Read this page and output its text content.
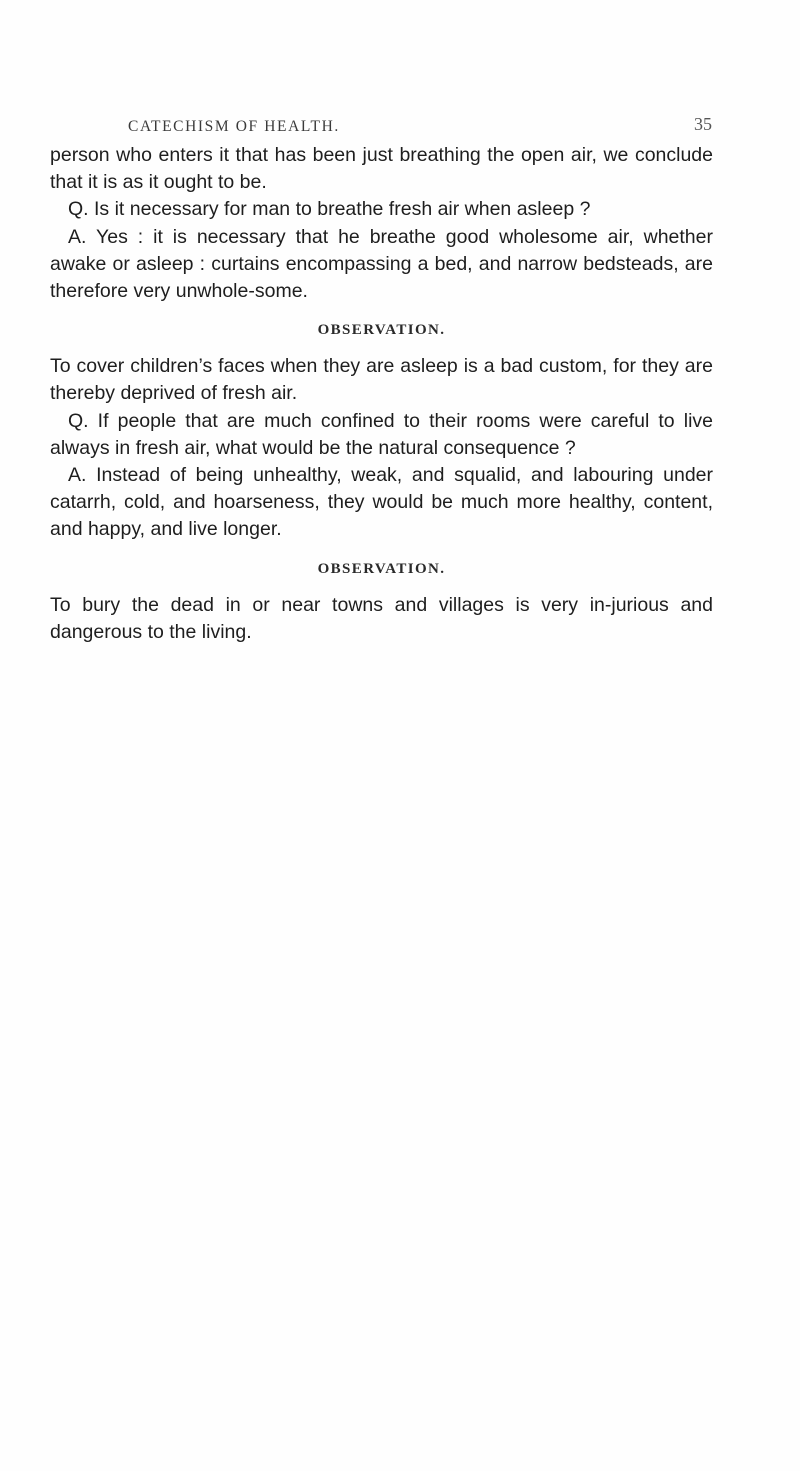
CATECHISM OF HEALTH.	35

person who enters it that has been just breathing the open air, we conclude that it is as it ought to be.

Q. Is it necessary for man to breathe fresh air when asleep ?

A. Yes : it is necessary that he breathe good wholesome air, whether awake or asleep : curtains encompassing a bed, and narrow bedsteads, are therefore very unwhole-some.

OBSERVATION.

To cover children’s faces when they are asleep is a bad custom, for they are thereby deprived of fresh air.

Q. If people that are much confined to their rooms were careful to live always in fresh air, what would be the natural consequence ?

A. Instead of being unhealthy, weak, and squalid, and labouring under catarrh, cold, and hoarseness, they would be much more healthy, content, and happy, and live longer.

OBSERVATION.

To bury the dead in or near towns and villages is very in-jurious and dangerous to the living.
